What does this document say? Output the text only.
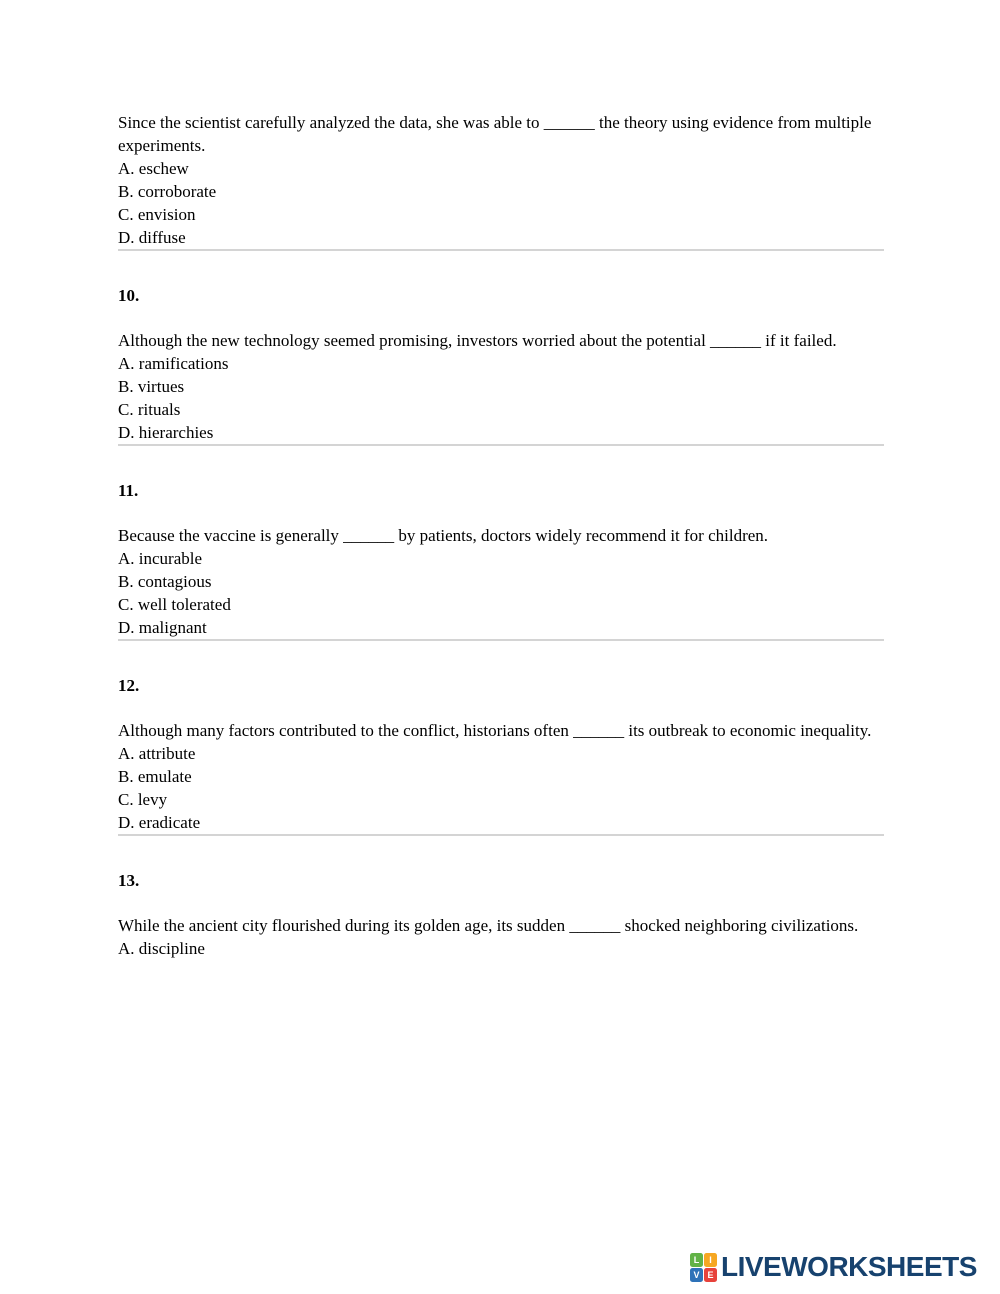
Since the scientist carefully analyzed the data, she was able to ______ the theory using evidence from multiple experiments.

A. eschew
B. corroborate
C. envision
D. diffuse

10.

Although the new technology seemed promising, investors worried about the potential ______ if it failed.

A. ramifications
B. virtues
C. rituals
D. hierarchies

11.

Because the vaccine is generally ______ by patients, doctors widely recommend it for children.

A. incurable
B. contagious
C. well tolerated
D. malignant

12.

Although many factors contributed to the conflict, historians often ______ its outbreak to economic inequality.

A. attribute
B. emulate
C. levy
D. eradicate

13.

While the ancient city flourished during its golden age, its sudden ______ shocked neighboring civilizations.

A. discipline
L	I
V E LIVEWORKSHEETS
